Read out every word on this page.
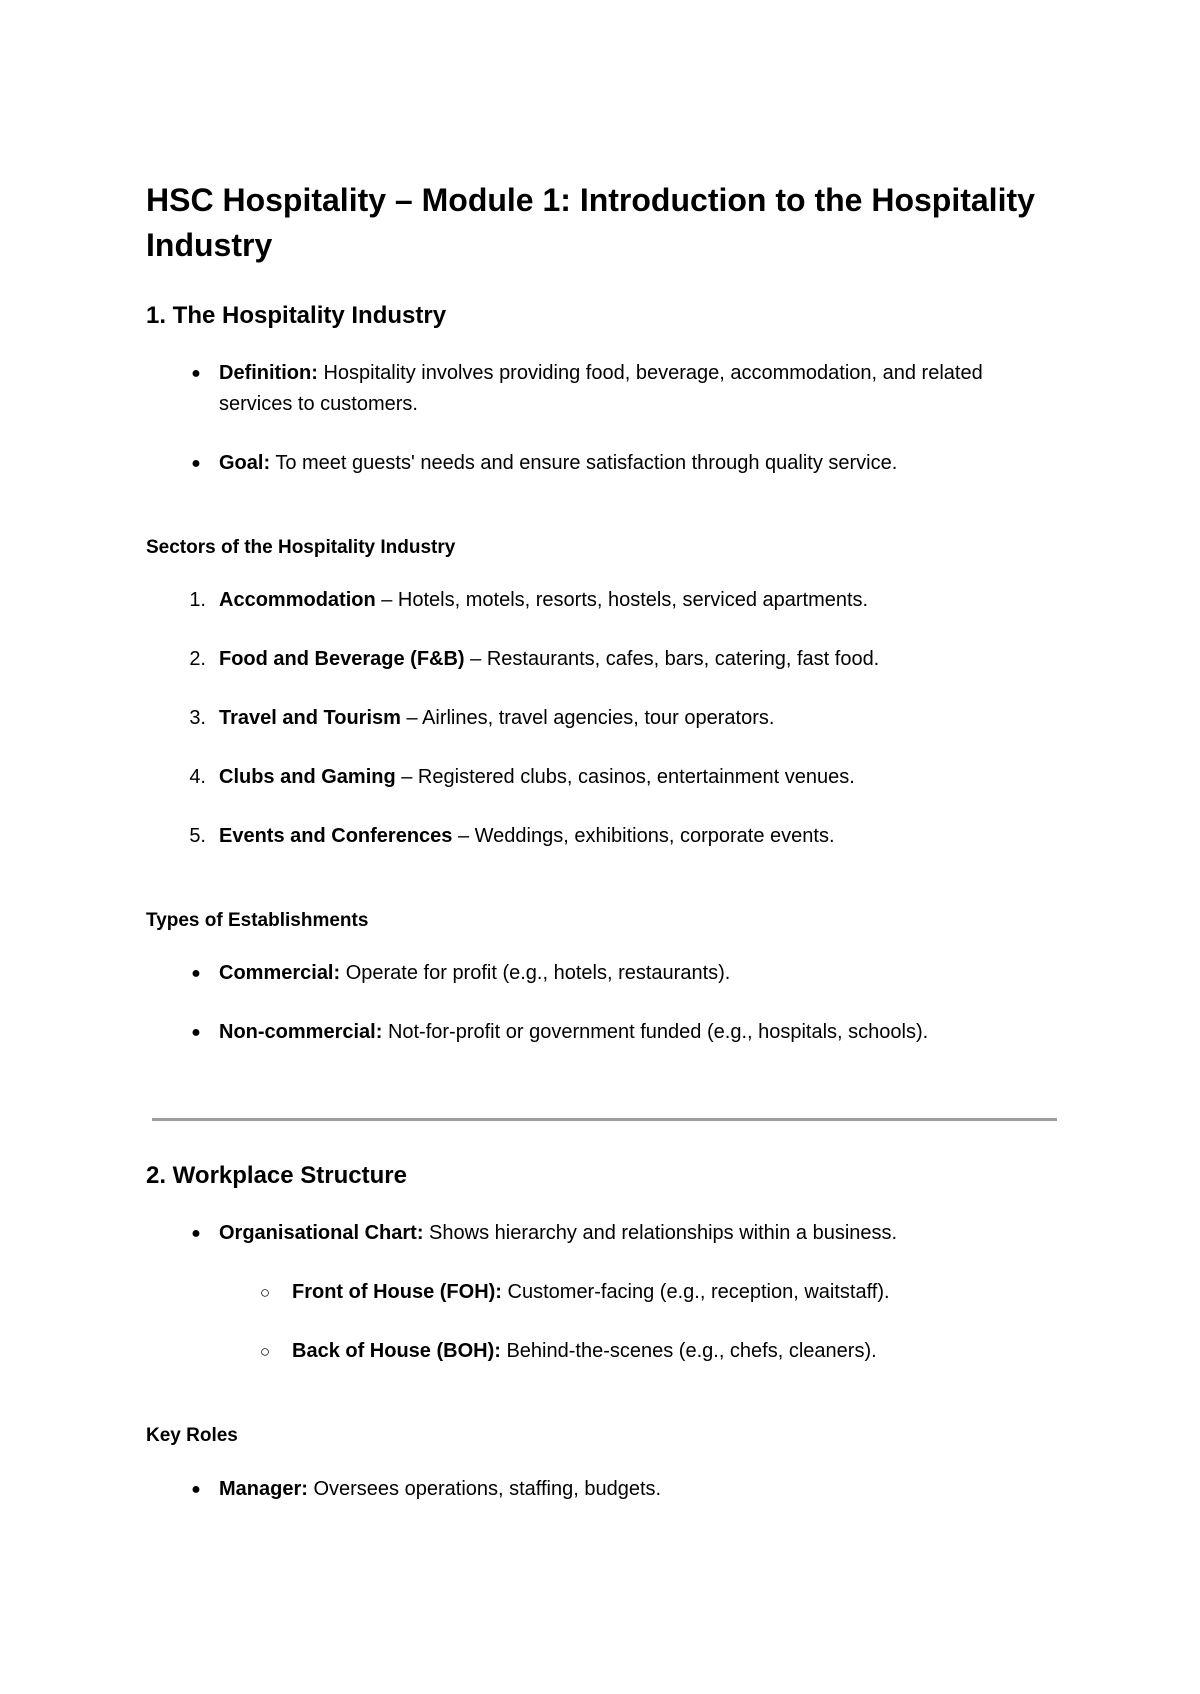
HSC Hospitality – Module 1: Introduction to the Hospitality Industry
1. The Hospitality Industry

● Definition: Hospitality involves providing food, beverage, accommodation, and related services to customers.

● Goal: To meet guests' needs and ensure satisfaction through quality service.

Sectors of the Hospitality Industry

1. Accommodation – Hotels, motels, resorts, hostels, serviced apartments.

2. Food and Beverage (F&B) – Restaurants, cafes, bars, catering, fast food.

3. Travel and Tourism – Airlines, travel agencies, tour operators.

4. Clubs and Gaming – Registered clubs, casinos, entertainment venues.

5. Events and Conferences – Weddings, exhibitions, corporate events.

Types of Establishments

● Commercial: Operate for profit (e.g., hotels, restaurants).

● Non-commercial: Not-for-profit or government funded (e.g., hospitals, schools).

2. Workplace Structure

● Organisational Chart: Shows hierarchy and relationships within a business.

○ Front of House (FOH): Customer-facing (e.g., reception, waitstaff).

○ Back of House (BOH): Behind-the-scenes (e.g., chefs, cleaners).

Key Roles

● Manager: Oversees operations, staffing, budgets.
